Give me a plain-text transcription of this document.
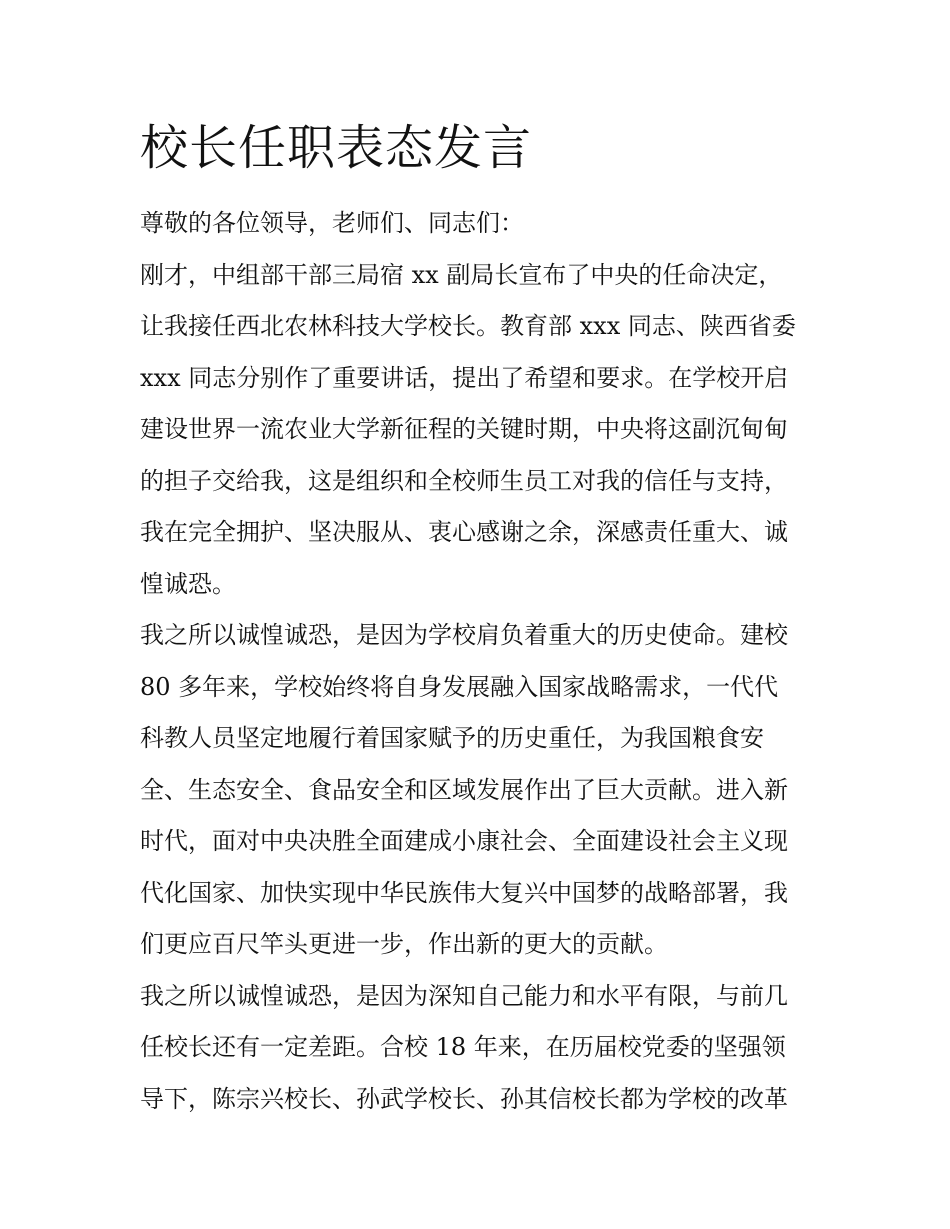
校长任职表态发言
尊敬的各位领导，老师们、同志们：
刚才，中组部干部三局宿 xx 副局长宣布了中央的任命决定，
让我接任西北农林科技大学校长。教育部 xxx 同志、陕西省委
xxx 同志分别作了重要讲话，提出了希望和要求。在学校开启
建设世界一流农业大学新征程的关键时期，中央将这副沉甸甸
的担子交给我，这是组织和全校师生员工对我的信任与支持，
我在完全拥护、坚决服从、衷心感谢之余，深感责任重大、诚
惶诚恐。
我之所以诚惶诚恐，是因为学校肩负着重大的历史使命。建校
80 多年来，学校始终将自身发展融入国家战略需求，一代代
科教人员坚定地履行着国家赋予的历史重任，为我国粮食安
全、生态安全、食品安全和区域发展作出了巨大贡献。进入新
时代，面对中央决胜全面建成小康社会、全面建设社会主义现
代化国家、加快实现中华民族伟大复兴中国梦的战略部署，我
们更应百尺竿头更进一步，作出新的更大的贡献。
我之所以诚惶诚恐，是因为深知自己能力和水平有限，与前几
任校长还有一定差距。合校 18 年来，在历届校党委的坚强领
导下，陈宗兴校长、孙武学校长、孙其信校长都为学校的改革
